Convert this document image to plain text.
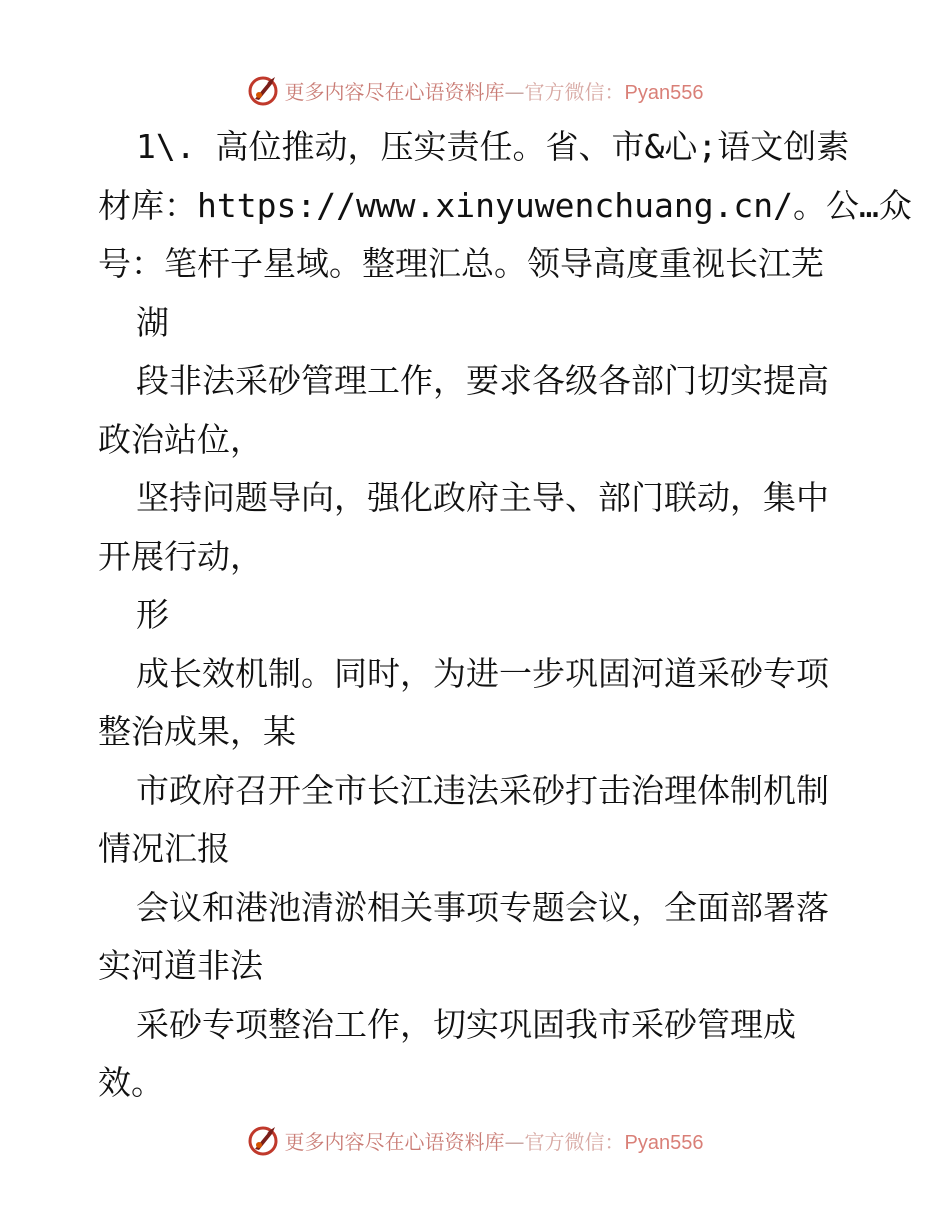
更多内容尽在心语资料库—官方微信：Pyan556
1\. 高位推动，压实责任。省、市&心;语文创素
材库：https://www.xinyuwenchuang.cn/。公…众
号：笔杆子星域。整理汇总。领导高度重视长江芜
湖
段非法采砂管理工作，要求各级各部门切实提高
政治站位，
坚持问题导向，强化政府主导、部门联动，集中
开展行动，
形
成长效机制。同时，为进一步巩固河道采砂专项
整治成果，某
市政府召开全市长江违法采砂打击治理体制机制
情况汇报
会议和港池清淤相关事项专题会议，全面部署落
实河道非法
采砂专项整治工作，切实巩固我市采砂管理成
效。
更多内容尽在心语资料库—官方微信：Pyan556
